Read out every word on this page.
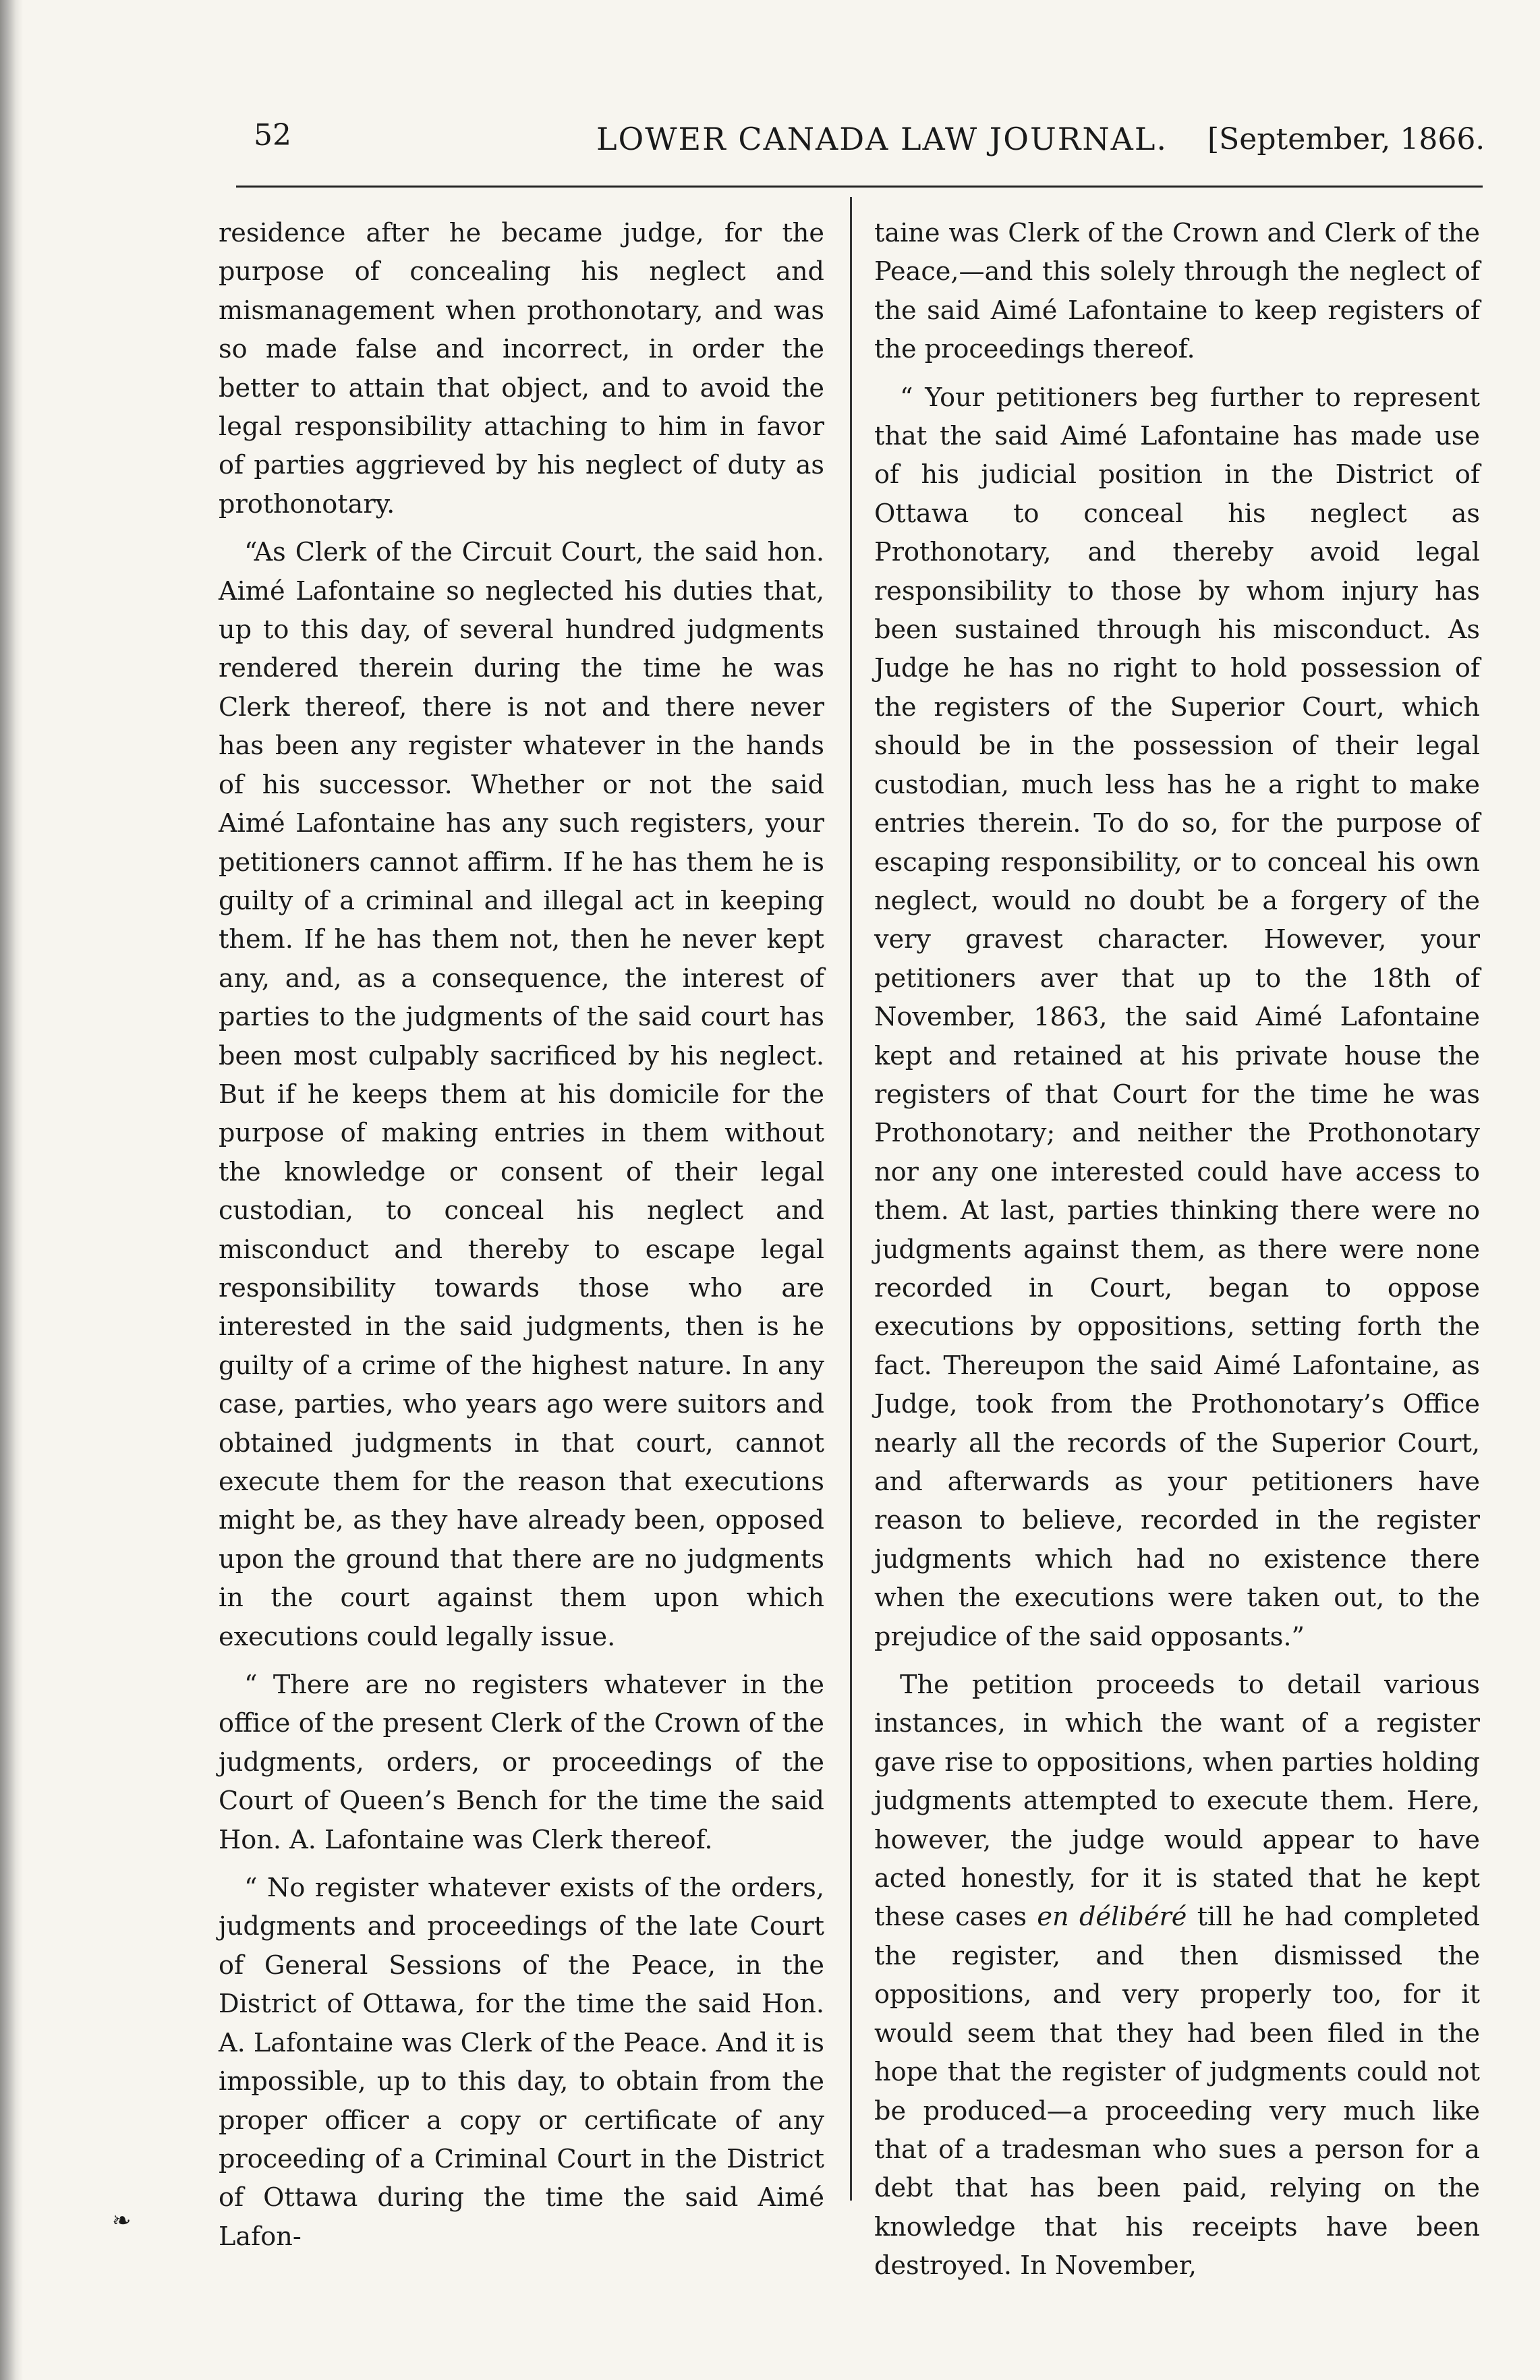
52	LOWER CANADA LAW JOURNAL. [September, 1866.

residence after he became judge, for the purpose of concealing his neglect and mismanagement when prothonotary, and was so made false and incorrect, in order the better to attain that object, and to avoid the legal responsibility attaching to him in favor of parties aggrieved by his neglect of duty as prothonotary.

“As Clerk of the Circuit Court, the said hon. Aimé Lafontaine so neglected his duties that, up to this day, of several hundred judgments rendered therein during the time he was Clerk thereof, there is not and there never has been any register whatever in the hands of his successor. Whether or not the said Aimé Lafontaine has any such registers, your petitioners cannot affirm. If he has them he is guilty of a criminal and illegal act in keeping them. If he has them not, then he never kept any, and, as a consequence, the interest of parties to the judgments of the said court has been most culpably sacrificed by his neglect. But if he keeps them at his domicile for the purpose of making entries in them without the knowledge or consent of their legal custodian, to conceal his neglect and misconduct and thereby to escape legal responsibility towards those who are interested in the said judgments, then is he guilty of a crime of the highest nature. In any case, parties, who years ago were suitors and obtained judgments in that court, cannot execute them for the reason that executions might be, as they have already been, opposed upon the ground that there are no judgments in the court against them upon which executions could legally issue.

“ There are no registers whatever in the office of the present Clerk of the Crown of the judgments, orders, or proceedings of the Court of Queen’s Bench for the time the said Hon. A. Lafontaine was Clerk thereof.

“ No register whatever exists of the orders, judgments and proceedings of the late Court of General Sessions of the Peace, in the District of Ottawa, for the time the said Hon. A. Lafontaine was Clerk of the Peace. And it is impossible, up to this day, to obtain from the proper officer a copy or certificate of any proceeding of a Criminal Court in the District of Ottawa during the time the said Aimé Lafon-

taine was Clerk of the Crown and Clerk of the Peace,—and this solely through the neglect of the said Aimé Lafontaine to keep registers of the proceedings thereof.

“ Your petitioners beg further to represent that the said Aimé Lafontaine has made use of his judicial position in the District of Ottawa to conceal his neglect as Prothonotary, and thereby avoid legal responsibility to those by whom injury has been sustained through his misconduct. As Judge he has no right to hold possession of the registers of the Superior Court, which should be in the possession of their legal custodian, much less has he a right to make entries therein. To do so, for the purpose of escaping responsibility, or to conceal his own neglect, would no doubt be a forgery of the very gravest character. However, your petitioners aver that up to the 18th of November, 1863, the said Aimé Lafontaine kept and retained at his private house the registers of that Court for the time he was Prothonotary; and neither the Prothonotary nor any one interested could have access to them. At last, parties thinking there were no judgments against them, as there were none recorded in Court, began to oppose executions by oppositions, setting forth the fact. Thereupon the said Aimé Lafontaine, as Judge, took from the Prothonotary’s Office nearly all the records of the Superior Court, and afterwards as your petitioners have reason to believe, recorded in the register judgments which had no existence there when the executions were taken out, to the prejudice of the said opposants.”

The petition proceeds to detail various instances, in which the want of a register gave rise to oppositions, when parties holding judgments attempted to execute them. Here, however, the judge would appear to have acted honestly, for it is stated that he kept these cases en délibéré till he had completed the register, and then dismissed the oppositions, and very properly too, for it would seem that they had been filed in the hope that the register of judgments could not be produced—a proceeding very much like that of a tradesman who sues a person for a debt that has been paid, relying on the knowledge that his receipts have been destroyed. In November,

❧
